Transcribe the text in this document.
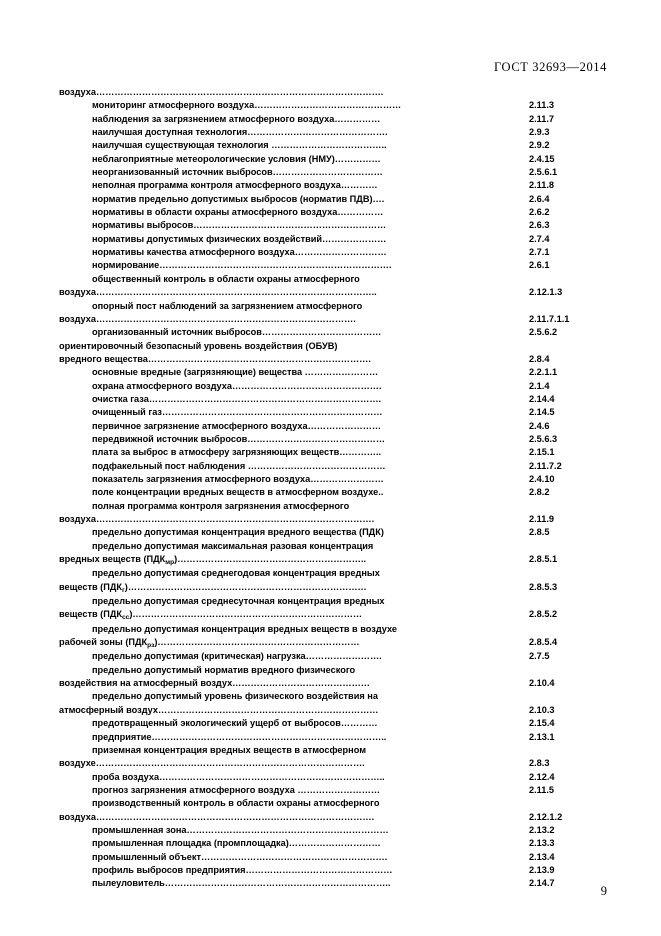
ГОСТ 32693—2014
воздуха………………………………………………………………………………….
мониторинг атмосферного воздуха…………………………………………	2.11.3
наблюдения за загрязнением атмосферного воздуха……………	2.11.7
наилучшая доступная технология……………………………………….	2.9.3
наилучшая существующая технология ………………………………..	2.9.2
неблагоприятные метеорологические условия (НМУ)……………	2.4.15
неорганизованный источник выбросов………………………………	2.5.6.1
неполная программа контроля атмосферного воздуха…………	2.11.8
норматив предельно допустимых выбросов (норматив ПДВ)….	2.6.4
нормативы в области охраны атмосферного воздуха……………	2.6.2
нормативы выбросов………………………………………………………	2.6.3
нормативы допустимых физических воздействий…………………	2.7.4
нормативы качества атмосферного воздуха…………………………	2.7.1
нормирование………………………………………………………………….	2.6.1
общественный контроль в области охраны атмосферного
воздуха………………………………………………………………………………..	2.12.1.3
опорный пост наблюдений за загрязнением атмосферного
воздуха………………………………………………………………………….	2.11.7.1.1
организованный источник выбросов…………………………………	2.5.6.2
ориентировочный безопасный уровень воздействия (ОБУВ)
вредного вещества……………………………………………………………….	2.8.4
основные вредные (загрязняющие) вещества ……………………	2.2.1.1
охрана атмосферного воздуха………………………………………….	2.1.4
очистка газа………………………………………………………………….	2.14.4
очищенный газ………………………………………………………………	2.14.5
первичное загрязнение атмосферного воздуха……………………	2.4.6
передвижной источник выбросов………………………………………	2.5.6.3
плата за выброс в атмосферу загрязняющих веществ…………..	2.15.1
подфакельный пост наблюдения ………………………………………	2.11.7.2
показатель загрязнения атмосферного воздуха……………………	2.4.10
поле концентрации вредных веществ в атмосферном воздухе..	2.8.2
полная программа контроля загрязнения атмосферного
воздуха……………………………………………………………………………….	2.11.9
предельно допустимая концентрация вредного вещества (ПДК)	2.8.5
предельно допустимая максимальная разовая концентрация
вредных веществ $(ПДК_{мр})\dots\dots\dots\dots\dots\dots\dots\dots\dots\dots\dots\dots\dots\dots\dots\dots\dots\dots\dots\dots$..	2.8.5.1
предельно допустимая среднегодовая концентрация вредных
веществ $(ПДК_г)\dots\dots\dots\dots\dots\dots\dots\dots\dots\dots\dots\dots\dots\dots\dots\dots\dots\dots\dots\dots\dots\dots\dots\dots\dots\dots$	2.8.5.3
предельно допустимая среднесуточная концентрация вредных
веществ $(ПДК_{сс})\dots\dots\dots\dots\dots\dots\dots\dots\dots\dots\dots\dots\dots\dots\dots\dots\dots\dots\dots\dots\dots\dots\dots\dots\dots$	2.8.5.2
предельно допустимая концентрация вредных веществ в воздухе
рабочей зоны $(ПДК_{рз})\dots\dots\dots\dots\dots\dots\dots\dots\dots\dots\dots\dots\dots\dots\dots\dots\dots\dots\dots\dots\dots\dots$	2.8.5.4
предельно допустимая (критическая) нагрузка…………………….	2.7.5
предельно допустимый норматив вредного физического
воздействия на атмосферный воздух………………………………………	2.10.4
предельно допустимый уровень физического воздействия на
атмосферный воздух………………………………………………………………	2.10.3
предотвращенный экологический ущерб от выбросов…………	2.15.4
предприятие…………………………………………………………………..	2.13.1
приземная концентрация вредных веществ в атмосферном
воздухе…………………………………………………………………………….	2.8.3
проба воздуха………………………………………………………………..	2.12.4
прогноз загрязнения атмосферного воздуха ………………………	2.11.5
производственный контроль в области охраны атмосферного
воздуха……………………………………………………………………………….	2.12.1.2
промышленная зона…………………………………………………………	2.13.2
промышленная площадка (промплощадка)…………………………	2.13.3
промышленный объект…………………………………………………….	2.13.4
профиль выбросов предприятия…………………………………………	2.13.9
пылеуловитель………………………………………………………………..	2.14.7
9
